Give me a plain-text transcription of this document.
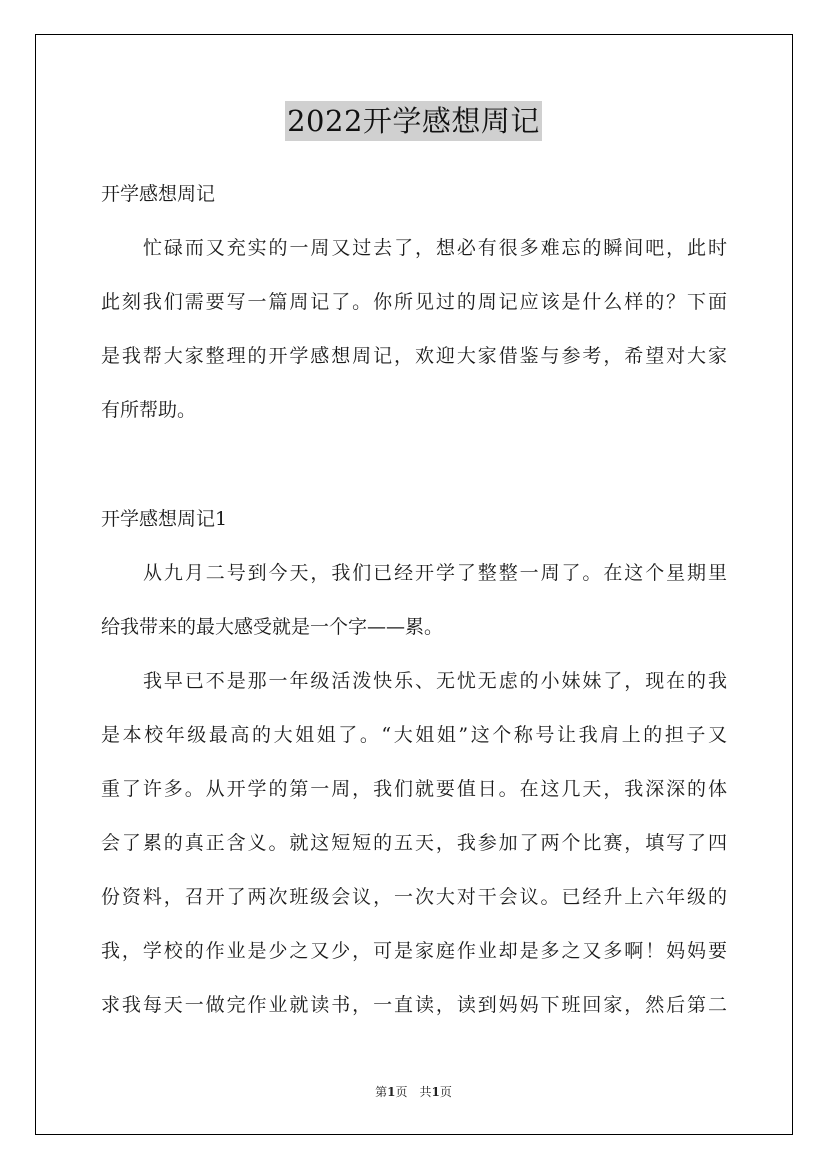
2022开学感想周记
开学感想周记
忙碌而又充实的一周又过去了，想必有很多难忘的瞬间吧，此时
此刻我们需要写一篇周记了。你所见过的周记应该是什么样的？下面
是我帮大家整理的开学感想周记，欢迎大家借鉴与参考，希望对大家
有所帮助。
开学感想周记1
从九月二号到今天，我们已经开学了整整一周了。在这个星期里
给我带来的最大感受就是一个字——累。
我早已不是那一年级活泼快乐、无忧无虑的小妹妹了，现在的我
是本校年级最高的大姐姐了。“大姐姐”这个称号让我肩上的担子又
重了许多。从开学的第一周，我们就要值日。在这几天，我深深的体
会了累的真正含义。就这短短的五天，我参加了两个比赛，填写了四
份资料，召开了两次班级会议，一次大对干会议。已经升上六年级的
我，学校的作业是少之又少，可是家庭作业却是多之又多啊！妈妈要
求我每天一做完作业就读书，一直读，读到妈妈下班回家，然后第二
第1页 共1页
